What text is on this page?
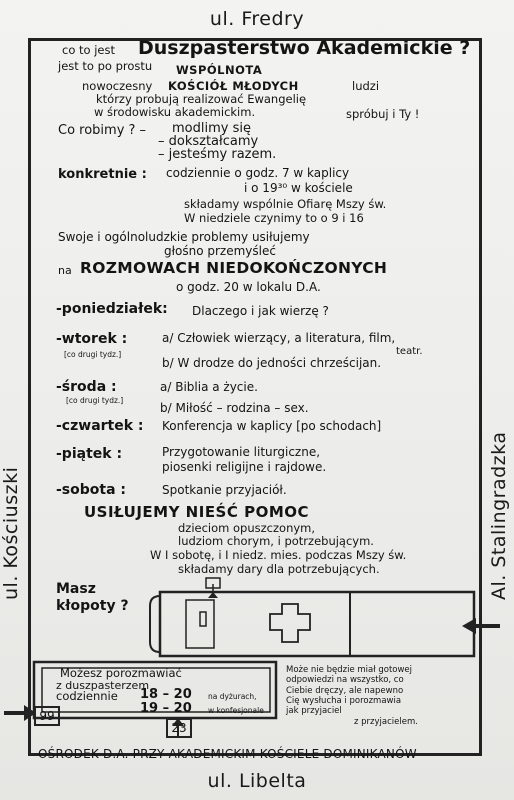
ul. Fredry
ul. Libelta
ul. Kościuszki	Al. Stalingradzka
co to jest Duszpasterstwo Akademickie ?
jest to po prostu WSPÓLNOTA
nowoczesny KOŚCIÓŁ MŁODYCH	ludzi
którzy probują realizować Ewangelię
w środowisku akademickim.	spróbuj i Ty !
Co robimy ? – modlimy się
– dokształcamy
– jesteśmy razem.
konkretnie : codziennie o godz. 7 w kaplicy
i o 19³⁰ w kościele
składamy wspólnie Ofiarę Mszy św.
W niedziele czynimy to o 9 i 16
Swoje i ogólnoludzkie problemy usiłujemy
głośno przemyśleć
na ROZMOWACH NIEDOKOŃCZONYCH
o godz. 20 w lokalu D.A.
-poniedziałek: Dlaczego i jak wierzę ?
-wtorek :
[co drugi tydz.]
a/ Człowiek wierzący, a literatura, film,
teatr.
b/ W drodze do jedności chrześcijan.
-środa :
[co drugi tydz.]
a/ Biblia a życie.
b/ Miłość – rodzina – sex.
-czwartek : Konferencja w kaplicy [po schodach]
-piątek :	Przygotowanie liturgiczne,
piosenki religijne i rajdowe.
-sobota :	Spotkanie przyjaciół.
USIŁUJEMY NIEŚĆ POMOC
dzieciom opuszczonym,
ludziom chorym, i potrzebującym.
W I sobotę, i I niedz. mies. podczas Mszy św.
składamy dary dla potrzebujących.
Masz
kłopoty ?
99
23
Możesz porozmawiać
z duszpasterzem
codziennie 18 – 20 na dyżurach,
19 – 20 w konfesjonale
Może nie będzie miał gotowej
odpowiedzi na wszystko, co
Ciebie dręczy, ale napewno
Cię wysłucha i porozmawia
jak przyjaciel
z przyjacielem.
OŚRODEK D.A. PRZY AKADEMICKIM KOŚCIELE DOMINIKANÓW
